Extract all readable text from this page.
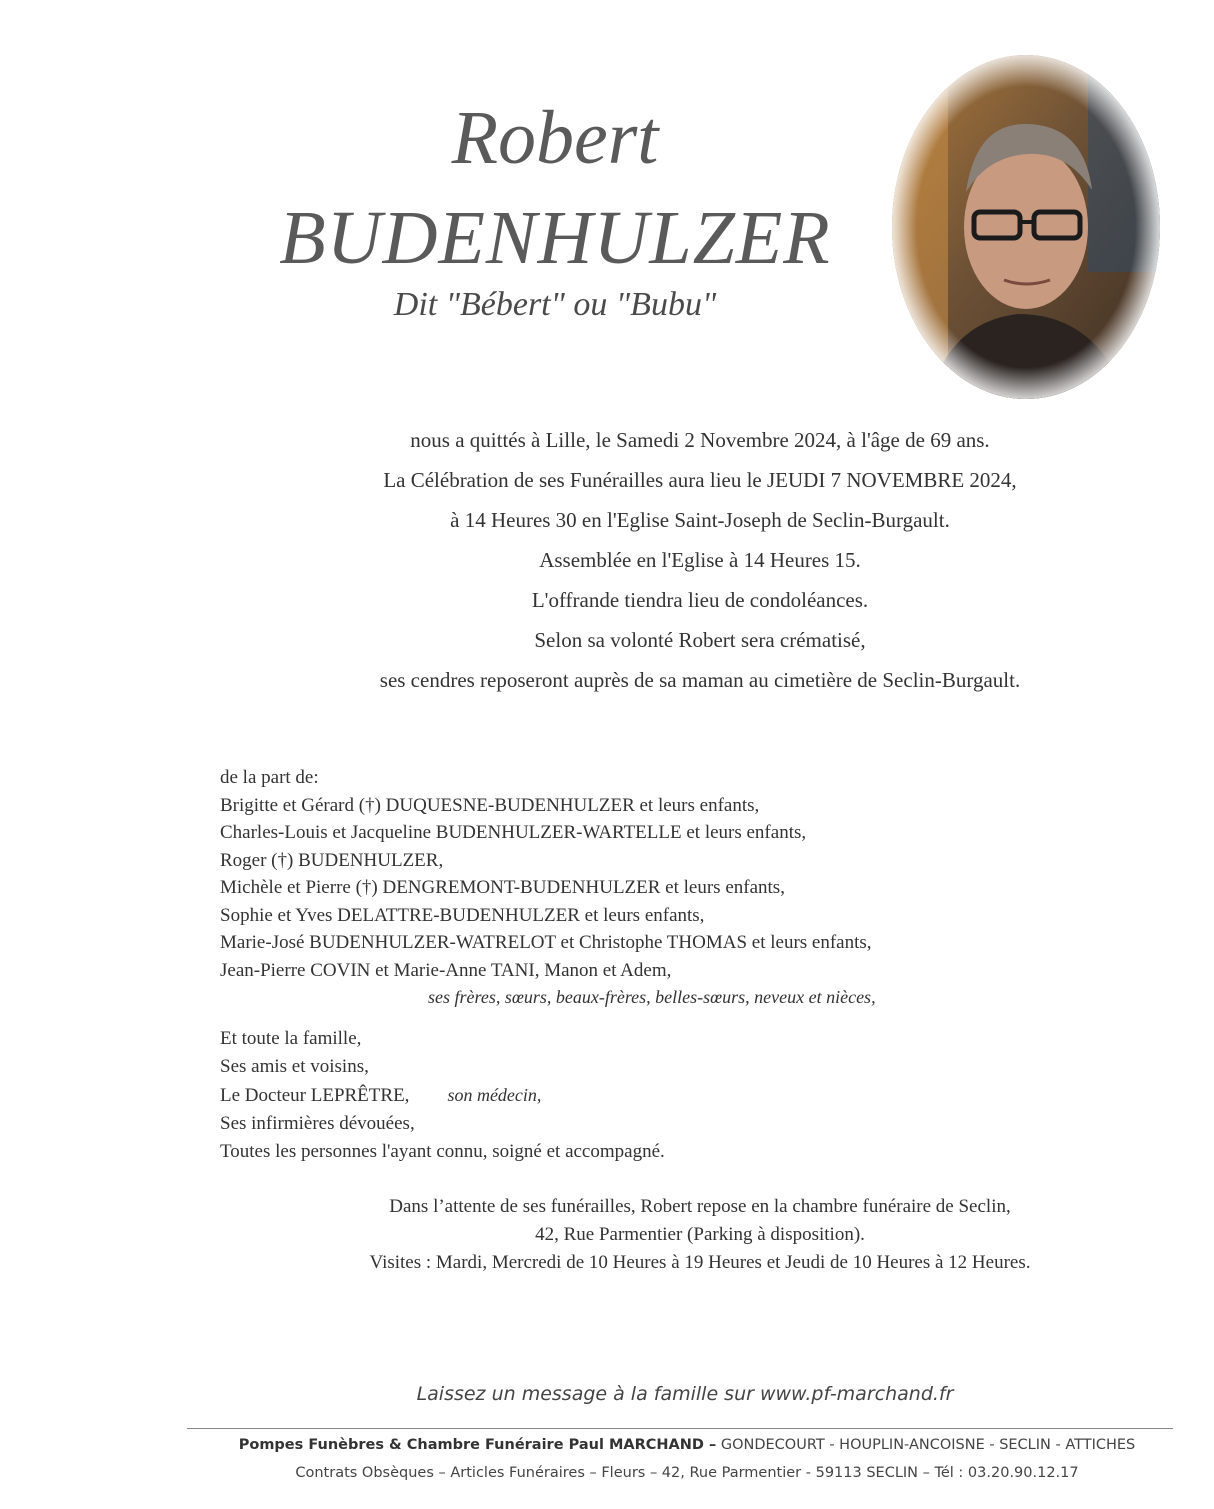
Robert
BUDENHULZER
Dit "Bébert" ou "Bubu"
nous a quittés à Lille, le Samedi 2 Novembre 2024, à l'âge de 69 ans.
La Célébration de ses Funérailles aura lieu le JEUDI 7 NOVEMBRE 2024,
à 14 Heures 30 en l'Eglise Saint-Joseph de Seclin-Burgault.
Assemblée en l'Eglise à 14 Heures 15.
L'offrande tiendra lieu de condoléances.
Selon sa volonté Robert sera crématisé,
ses cendres reposeront auprès de sa maman au cimetière de Seclin-Burgault.
de la part de:
Brigitte et Gérard (†) DUQUESNE-BUDENHULZER et leurs enfants,
Charles-Louis et Jacqueline BUDENHULZER-WARTELLE et leurs enfants,
Roger (†) BUDENHULZER,
Michèle et Pierre (†) DENGREMONT-BUDENHULZER et leurs enfants,
Sophie et Yves DELATTRE-BUDENHULZER et leurs enfants,
Marie-José BUDENHULZER-WATRELOT et Christophe THOMAS et leurs enfants,
Jean-Pierre COVIN et Marie-Anne TANI, Manon et Adem,
ses frères, sœurs, beaux-frères, belles-sœurs, neveux et nièces,
Et toute la famille,
Ses amis et voisins,
Le Docteur LEPRÊTRE, son médecin,
Ses infirmières dévouées,
Toutes les personnes l'ayant connu, soigné et accompagné.
Dans l’attente de ses funérailles, Robert repose en la chambre funéraire de Seclin,
42, Rue Parmentier (Parking à disposition).
Visites : Mardi, Mercredi de 10 Heures à 19 Heures et Jeudi de 10 Heures à 12 Heures.
Laissez un message à la famille sur www.pf-marchand.fr
Pompes Funèbres & Chambre Funéraire Paul MARCHAND – GONDECOURT - HOUPLIN-ANCOISNE - SECLIN - ATTICHES
Contrats Obsèques – Articles Funéraires – Fleurs – 42, Rue Parmentier - 59113 SECLIN – Tél : 03.20.90.12.17
